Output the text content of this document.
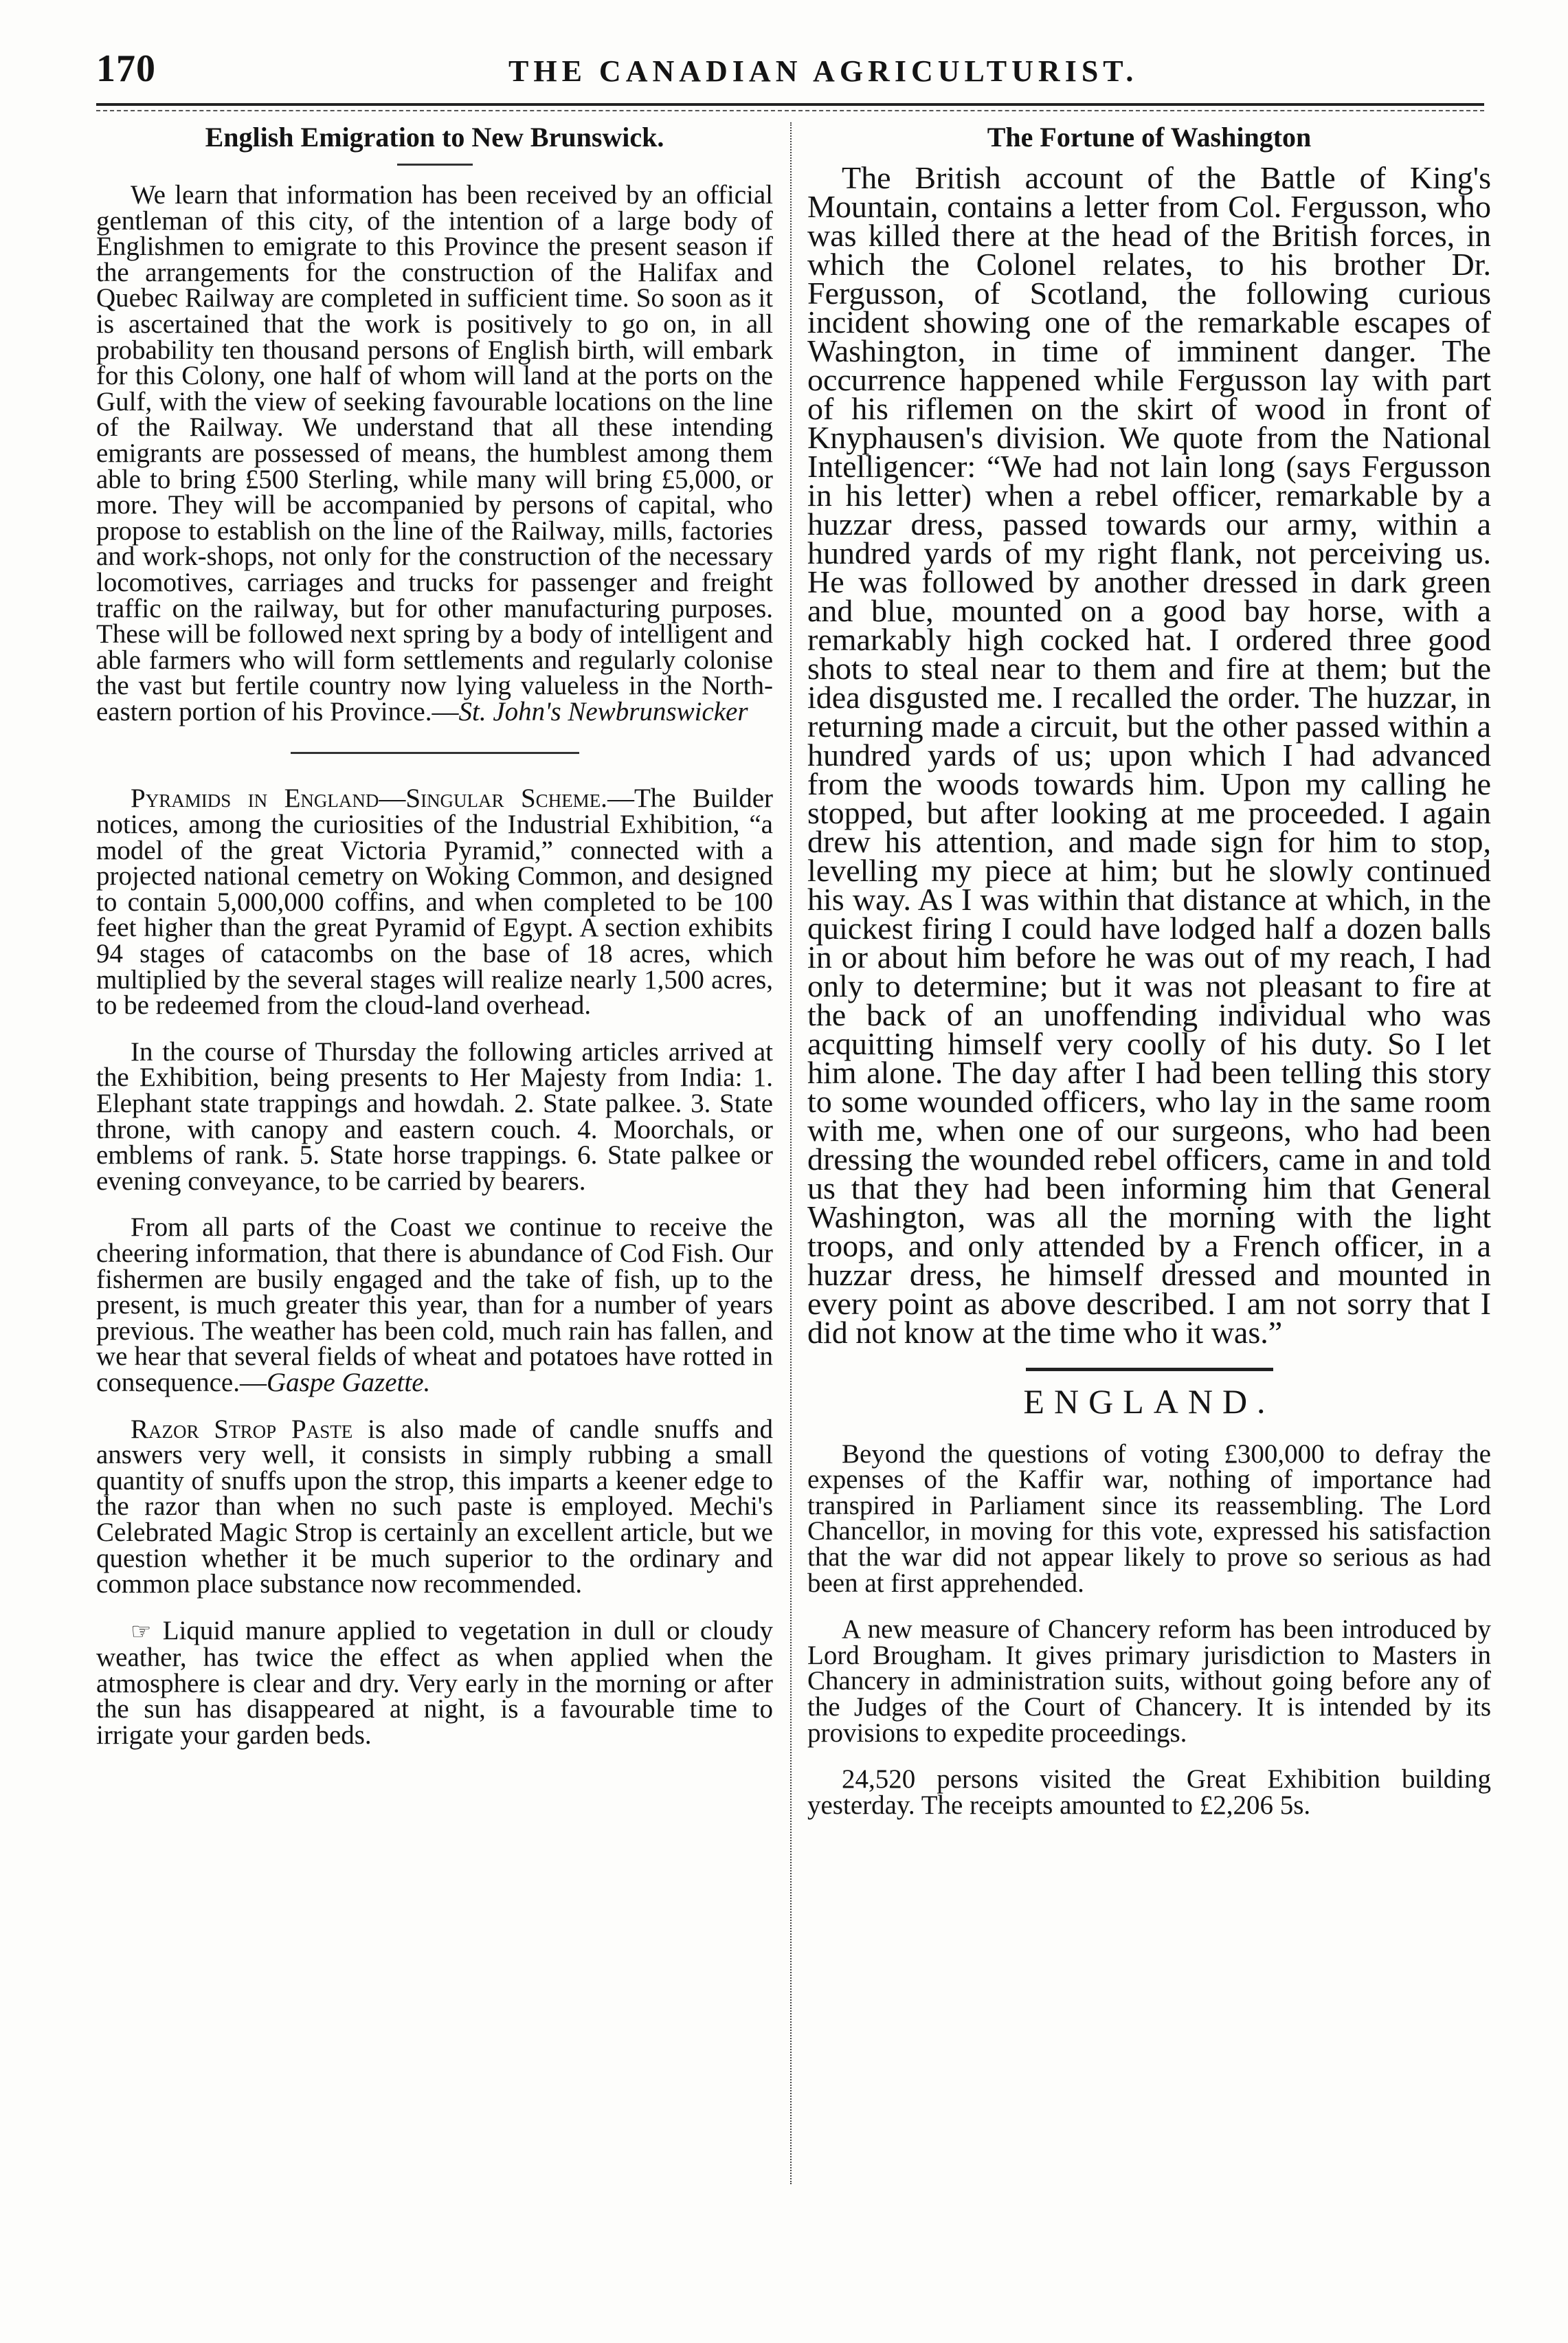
170	THE CANADIAN AGRICULTURIST.
English Emigration to New Brunswick.

We learn that information has been received by an official gentleman of this city, of the intention of a large body of Englishmen to emigrate to this Province the present season if the arrangements for the construction of the Halifax and Quebec Railway are completed in sufficient time. So soon as it is ascertained that the work is positively to go on, in all probability ten thousand persons of English birth, will embark for this Colony, one half of whom will land at the ports on the Gulf, with the view of seeking favourable locations on the line of the Railway. We understand that all these intending emigrants are possessed of means, the humblest among them able to bring £500 Sterling, while many will bring £5,000, or more. They will be accompanied by persons of capital, who propose to establish on the line of the Railway, mills, factories and work-shops, not only for the construction of the necessary locomotives, carriages and trucks for passenger and freight traffic on the railway, but for other manufacturing purposes. These will be followed next spring by a body of intelligent and able farmers who will form settlements and regularly colonise the vast but fertile country now lying valueless in the North-eastern portion of his Province.—St. John's Newbrunswicker

Pyramids in England—Singular Scheme.—The Builder notices, among the curiosities of the Industrial Exhibition, “a model of the great Victoria Pyramid,” connected with a projected national cemetry on Woking Common, and designed to contain 5,000,000 coffins, and when completed to be 100 feet higher than the great Pyramid of Egypt. A section exhibits 94 stages of catacombs on the base of 18 acres, which multiplied by the several stages will realize nearly 1,500 acres, to be redeemed from the cloud-land overhead.

In the course of Thursday the following articles arrived at the Exhibition, being presents to Her Majesty from India: 1. Elephant state trappings and howdah. 2. State palkee. 3. State throne, with canopy and eastern couch. 4. Moorchals, or emblems of rank. 5. State horse trappings. 6. State palkee or evening conveyance, to be carried by bearers.

From all parts of the Coast we continue to receive the cheering information, that there is abundance of Cod Fish. Our fishermen are busily engaged and the take of fish, up to the present, is much greater this year, than for a number of years previous. The weather has been cold, much rain has fallen, and we hear that several fields of wheat and potatoes have rotted in consequence.—Gaspe Gazette.

Razor Strop Paste is also made of candle snuffs and answers very well, it consists in simply rubbing a small quantity of snuffs upon the strop, this imparts a keener edge to the razor than when no such paste is employed. Mechi's Celebrated Magic Strop is certainly an excellent article, but we question whether it be much superior to the ordinary and common place substance now recommended.

☞ Liquid manure applied to vegetation in dull or cloudy weather, has twice the effect as when applied when the atmosphere is clear and dry. Very early in the morning or after the sun has disappeared at night, is a favourable time to irrigate your garden beds.

The Fortune of Washington

The British account of the Battle of King's Mountain, contains a letter from Col. Fergusson, who was killed there at the head of the British forces, in which the Colonel relates, to his brother Dr. Fergusson, of Scotland, the following curious incident showing one of the remarkable escapes of Washington, in time of imminent danger. The occurrence happened while Fergusson lay with part of his riflemen on the skirt of wood in front of Knyphausen's division. We quote from the National Intelligencer: “We had not lain long (says Fergusson in his letter) when a rebel officer, remarkable by a huzzar dress, passed towards our army, within a hundred yards of my right flank, not perceiving us. He was followed by another dressed in dark green and blue, mounted on a good bay horse, with a remarkably high cocked hat. I ordered three good shots to steal near to them and fire at them; but the idea disgusted me. I recalled the order. The huzzar, in returning made a circuit, but the other passed within a hundred yards of us; upon which I had advanced from the woods towards him. Upon my calling he stopped, but after looking at me proceeded. I again drew his attention, and made sign for him to stop, levelling my piece at him; but he slowly continued his way. As I was within that distance at which, in the quickest firing I could have lodged half a dozen balls in or about him before he was out of my reach, I had only to determine; but it was not pleasant to fire at the back of an unoffending individual who was acquitting himself very coolly of his duty. So I let him alone. The day after I had been telling this story to some wounded officers, who lay in the same room with me, when one of our surgeons, who had been dressing the wounded rebel officers, came in and told us that they had been informing him that General Washington, was all the morning with the light troops, and only attended by a French officer, in a huzzar dress, he himself dressed and mounted in every point as above described. I am not sorry that I did not know at the time who it was.”

ENGLAND.

Beyond the questions of voting £300,000 to defray the expenses of the Kaffir war, nothing of importance had transpired in Parliament since its reassembling. The Lord Chancellor, in moving for this vote, expressed his satisfaction that the war did not appear likely to prove so serious as had been at first apprehended.

A new measure of Chancery reform has been introduced by Lord Brougham. It gives primary jurisdiction to Masters in Chancery in administration suits, without going before any of the Judges of the Court of Chancery. It is intended by its provisions to expedite proceedings.

24,520 persons visited the Great Exhibition building yesterday. The receipts amounted to £2,206 5s.
